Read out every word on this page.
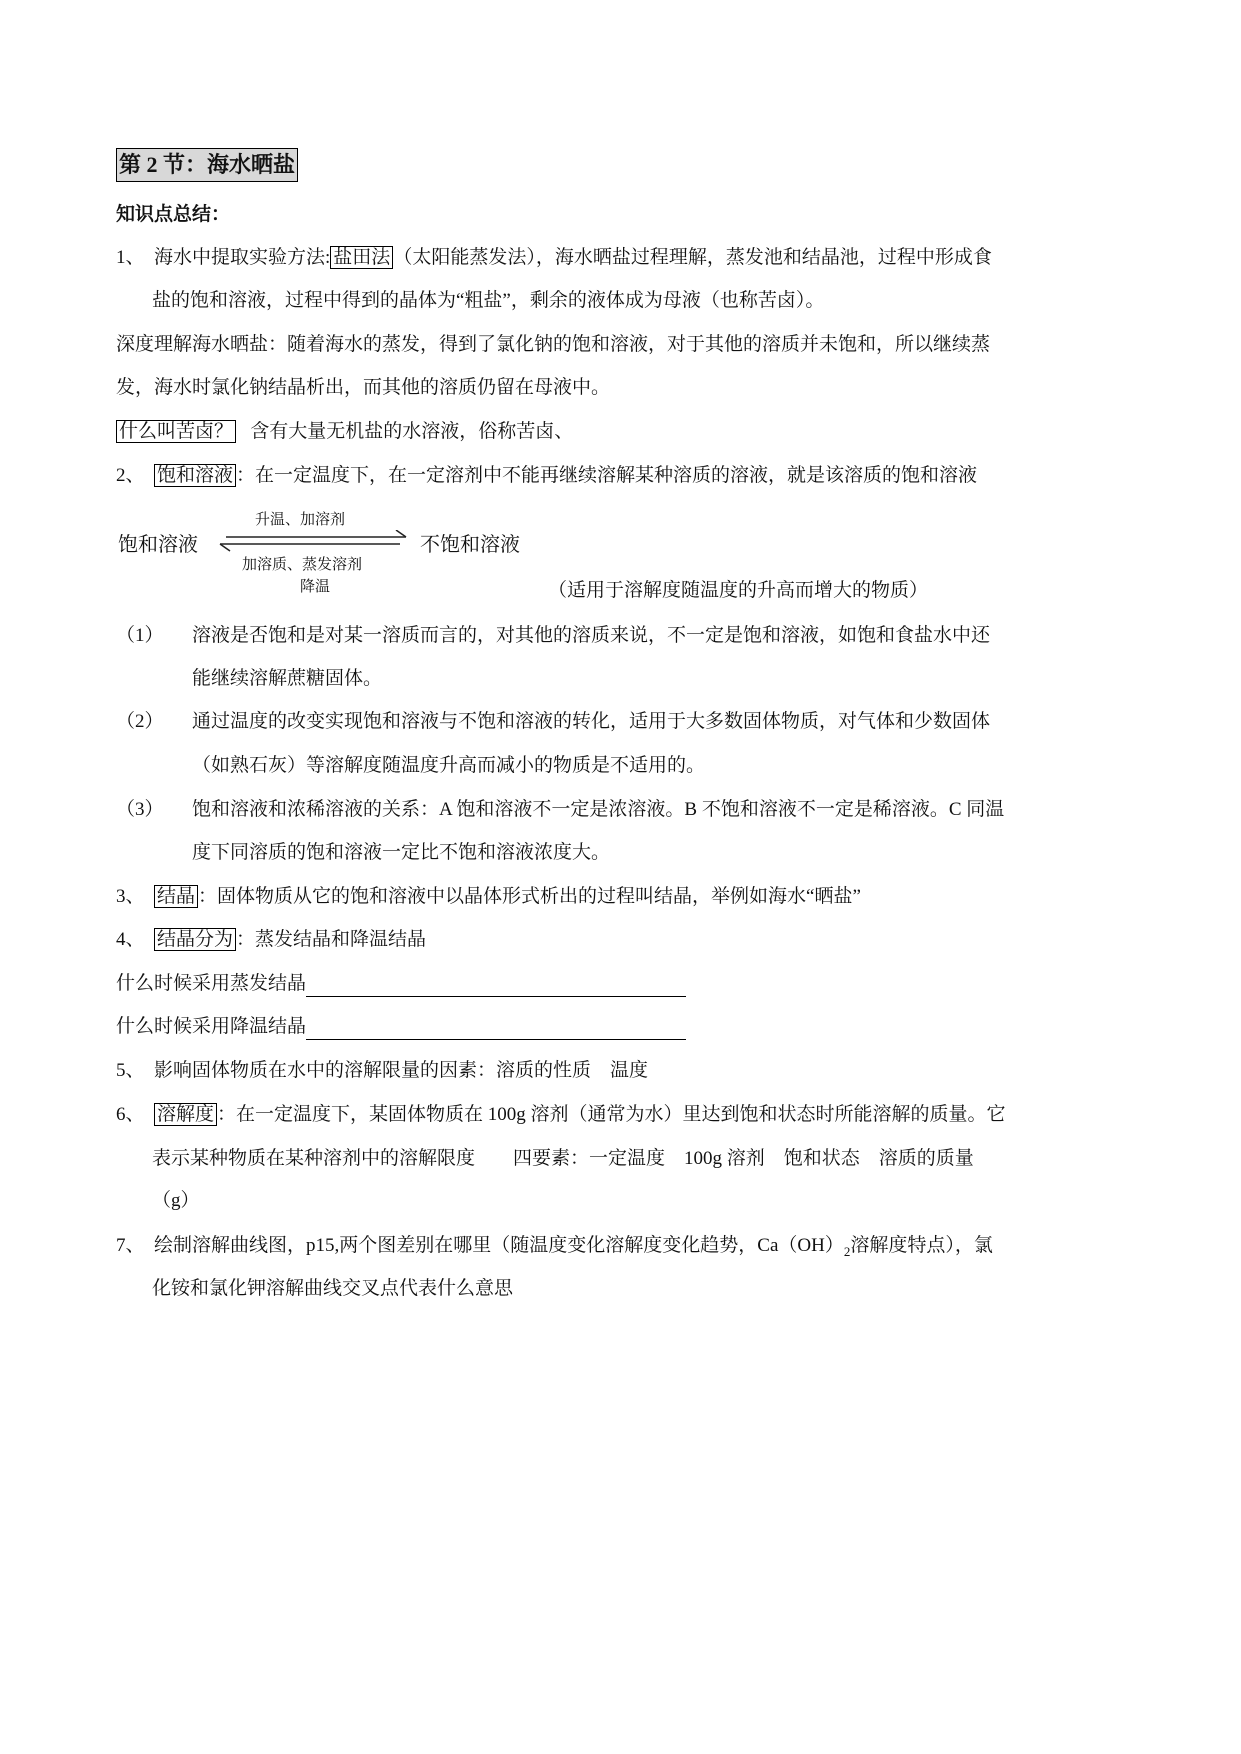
第 2 节：海水晒盐
知识点总结：
1、 海水中提取实验方法: 盐田法 （太阳能蒸发法），海水晒盐过程理解，蒸发池和结晶池，过程中形成食
盐的饱和溶液，过程中得到的晶体为“粗盐”，剩余的液体成为母液（也称苦卤）。
深度理解海水晒盐：随着海水的蒸发，得到了氯化钠的饱和溶液，对于其他的溶质并未饱和，所以继续蒸
发，海水时氯化钠结晶析出，而其他的溶质仍留在母液中。
什么叫苦卤？ 含有大量无机盐的水溶液，俗称苦卤、
2、 饱和溶液 ：在一定温度下，在一定溶剂中不能再继续溶解某种溶质的溶液，就是该溶质的饱和溶液
饱和溶液
升温、加溶剂
加溶质、蒸发溶剂
降温
不饱和溶液
（适用于溶解度随温度的升高而增大的物质）
（1） 溶液是否饱和是对某一溶质而言的，对其他的溶质来说，不一定是饱和溶液，如饱和食盐水中还
能继续溶解蔗糖固体。
（2） 通过温度的改变实现饱和溶液与不饱和溶液的转化，适用于大多数固体物质，对气体和少数固体
（如熟石灰）等溶解度随温度升高而减小的物质是不适用的。
（3） 饱和溶液和浓稀溶液的关系：A 饱和溶液不一定是浓溶液。B 不饱和溶液不一定是稀溶液。C 同温
度下同溶质的饱和溶液一定比不饱和溶液浓度大。
3、 结晶 ：固体物质从它的饱和溶液中以晶体形式析出的过程叫结晶，举例如海水“晒盐”
4、 结晶分为 ：蒸发结晶和降温结晶
什么时候采用蒸发结晶
什么时候采用降温结晶
5、 影响固体物质在水中的溶解限量的因素：溶质的性质　温度
6、 溶解度 ：在一定温度下，某固体物质在 100g 溶剂（通常为水）里达到饱和状态时所能溶解的质量。它
表示某种物质在某种溶剂中的溶解限度　　四要素：一定温度　100g 溶剂　饱和状态　溶质的质量
（g）
7、 绘制溶解曲线图，p15,两个图差别在哪里（随温度变化溶解度变化趋势，$Ca(OH)_2$溶解度特点），氯
化铵和氯化钾溶解曲线交叉点代表什么意思
